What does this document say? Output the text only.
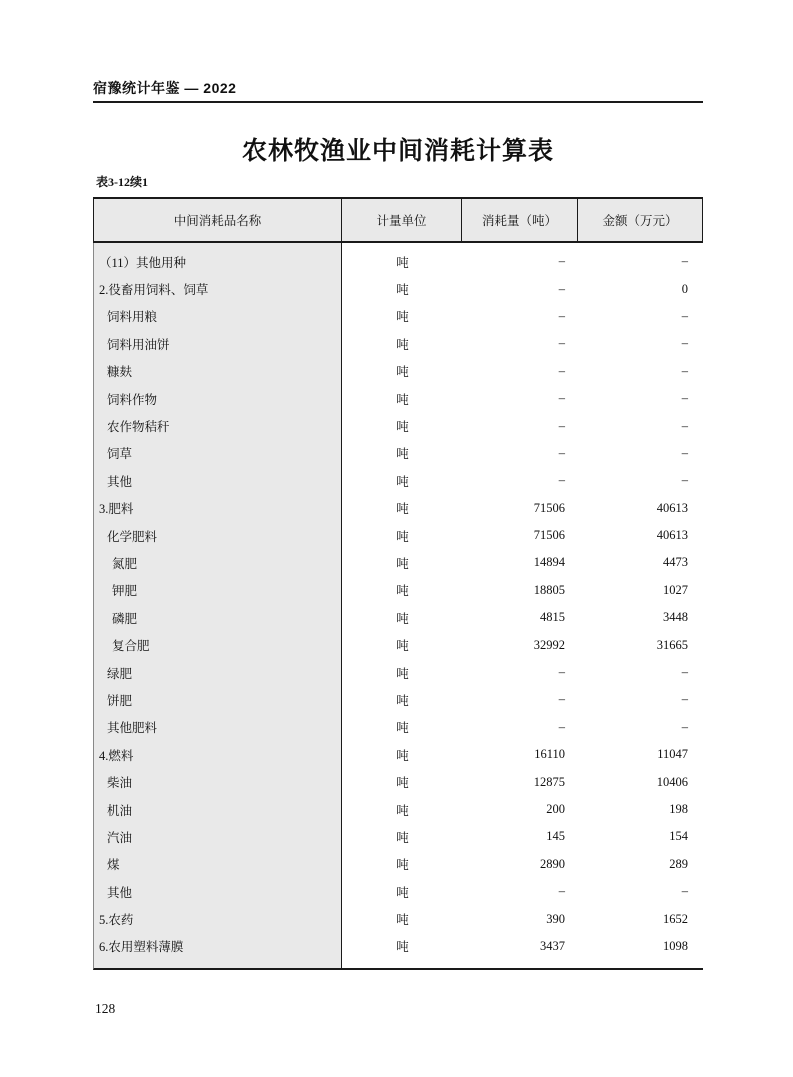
宿豫统计年鉴 — 2022
农林牧渔业中间消耗计算表
表3-12续1
中间消耗品名称	计量单位	消耗量（吨）	金额（万元）
（11）其他用种	吨	–	–
2.役畜用饲料、饲草	吨	–	0
饲料用粮	吨	–	–
饲料用油饼	吨	–	–
糠麸	吨	–	–
饲料作物	吨	–	–
农作物秸秆	吨	–	–
饲草	吨	–	–
其他	吨	–	–
3.肥料	吨	71506	40613
化学肥料	吨	71506	40613
氮肥	吨	14894	4473
钾肥	吨	18805	1027
磷肥	吨	4815	3448
复合肥	吨	32992	31665
绿肥	吨	–	–
饼肥	吨	–	–
其他肥料	吨	–	–
4.燃料	吨	16110	11047
柴油	吨	12875	10406
机油	吨	200	198
汽油	吨	145	154
煤	吨	2890	289
其他	吨	–	–
5.农药	吨	390	1652
6.农用塑料薄膜	吨	3437	1098
128
